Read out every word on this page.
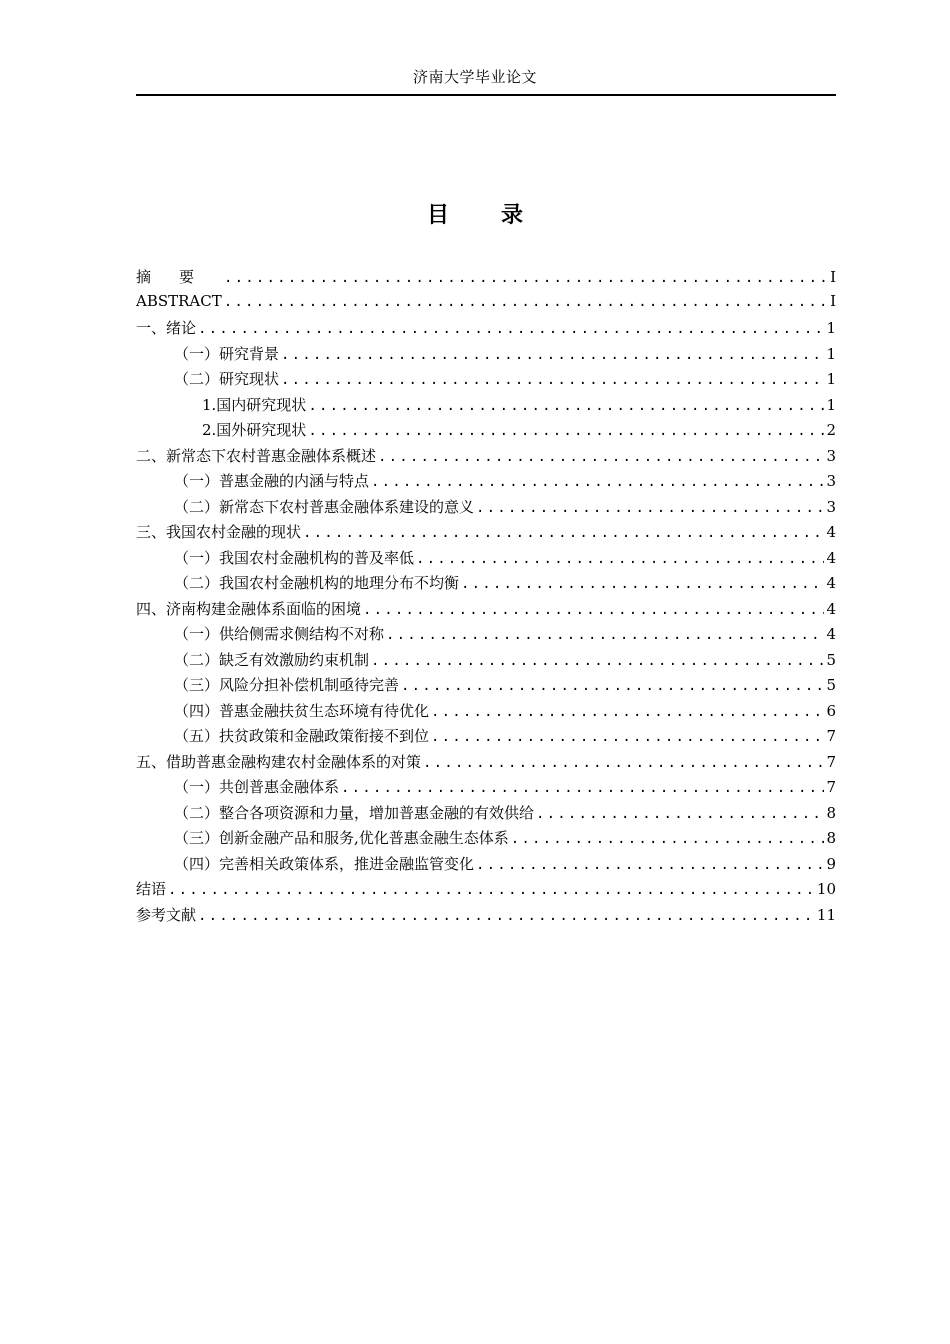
济南大学毕业论文
目 录
摘要 .....	I
ABSTRACT .....	I
一、绪论 .....	1
（一）研究背景 .....	1
（二）研究现状 .....	1
1.国内研究现状 .....	1
2.国外研究现状 .....	2
二、新常态下农村普惠金融体系概述 .....	3
（一）普惠金融的内涵与特点 .....	3
（二）新常态下农村普惠金融体系建设的意义 .....	3
三、我国农村金融的现状 .....	4
（一）我国农村金融机构的普及率低 .....	4
（二）我国农村金融机构的地理分布不均衡 .....	4
四、济南构建金融体系面临的困境 .....	4
（一）供给侧需求侧结构不对称 .....	4
（二）缺乏有效激励约束机制 .....	5
（三）风险分担补偿机制亟待完善 .....	5
（四）普惠金融扶贫生态环境有待优化 .....	6
（五）扶贫政策和金融政策衔接不到位 .....	7
五、借助普惠金融构建农村金融体系的对策 .....	7
（一）共创普惠金融体系 .....	7
（二）整合各项资源和力量，增加普惠金融的有效供给 .....	8
（三）创新金融产品和服务,优化普惠金融生态体系 .....	8
（四）完善相关政策体系，推进金融监管变化 .....	9
结语 .....	10
参考文献 .....	11
